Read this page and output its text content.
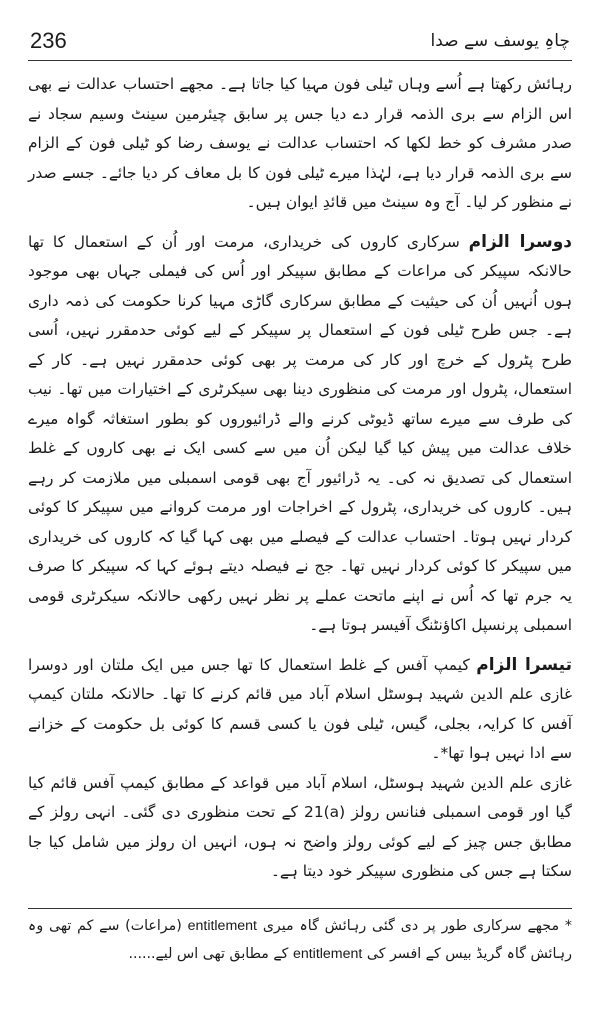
236	چاہِ یوسف سے صدا

رہائش رکھتا ہے اُسے وہاں ٹیلی فون مہیا کیا جاتا ہے۔ مجھے احتساب عدالت نے بھی اس الزام سے بری الذمہ قرار دے دیا جس پر سابق چیئرمین سینٹ وسیم سجاد نے صدر مشرف کو خط لکھا کہ احتساب عدالت نے یوسف رضا کو ٹیلی فون کے الزام سے بری الذمہ قرار دیا ہے، لہٰذا میرے ٹیلی فون کا بل معاف کر دیا جائے۔ جسے صدر نے منظور کر لیا۔ آج وہ سینٹ میں قائدِ ایوان ہیں۔

دوسرا الزام سرکاری کاروں کی خریداری، مرمت اور اُن کے استعمال کا تھا حالانکہ سپیکر کی مراعات کے مطابق سپیکر اور اُس کی فیملی جہاں بھی موجود ہوں اُنہیں اُن کی حیثیت کے مطابق سرکاری گاڑی مہیا کرنا حکومت کی ذمہ داری ہے۔ جس طرح ٹیلی فون کے استعمال پر سپیکر کے لیے کوئی حدمقرر نہیں، اُسی طرح پٹرول کے خرچ اور کار کی مرمت پر بھی کوئی حدمقرر نہیں ہے۔ کار کے استعمال، پٹرول اور مرمت کی منظوری دینا بھی سیکرٹری کے اختیارات میں تھا۔ نیب کی طرف سے میرے ساتھ ڈیوٹی کرنے والے ڈرائیوروں کو بطور استغاثہ گواہ میرے خلاف عدالت میں پیش کیا گیا لیکن اُن میں سے کسی ایک نے بھی کاروں کے غلط استعمال کی تصدیق نہ کی۔ یہ ڈرائیور آج بھی قومی اسمبلی میں ملازمت کر رہے ہیں۔ کاروں کی خریداری، پٹرول کے اخراجات اور مرمت کروانے میں سپیکر کا کوئی کردار نہیں ہوتا۔ احتساب عدالت کے فیصلے میں بھی کہا گیا کہ کاروں کی خریداری میں سپیکر کا کوئی کردار نہیں تھا۔ جج نے فیصلہ دیتے ہوئے کہا کہ سپیکر کا صرف یہ جرم تھا کہ اُس نے اپنے ماتحت عملے پر نظر نہیں رکھی حالانکہ سیکرٹری قومی اسمبلی پرنسپل اکاؤنٹنگ آفیسر ہوتا ہے۔

تیسرا الزام کیمپ آفس کے غلط استعمال کا تھا جس میں ایک ملتان اور دوسرا غازی علم الدین شہید ہوسٹل اسلام آباد میں قائم کرنے کا تھا۔ حالانکہ ملتان کیمپ آفس کا کرایہ، بجلی، گیس، ٹیلی فون یا کسی قسم کا کوئی بل حکومت کے خزانے سے ادا نہیں ہوا تھا*۔

غازی علم الدین شہید ہوسٹل، اسلام آباد میں قواعد کے مطابق کیمپ آفس قائم کیا گیا اور قومی اسمبلی فنانس رولز (a)21 کے تحت منظوری دی گئی۔ انہی رولز کے مطابق جس چیز کے لیے کوئی رولز واضح نہ ہوں، انہیں ان رولز میں شامل کیا جا سکتا ہے جس کی منظوری سپیکر خود دیتا ہے۔

* مجھے سرکاری طور پر دی گئی رہائش گاہ میری entitlement (مراعات) سے کم تھی وہ رہائش گاہ گریڈ بیس کے افسر کی entitlement کے مطابق تھی اس لیے......
